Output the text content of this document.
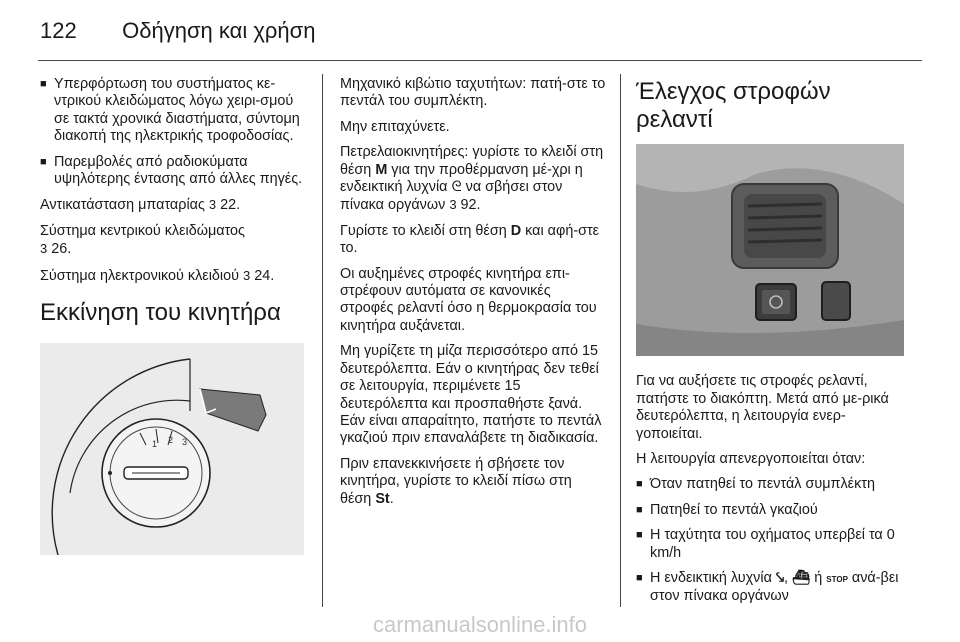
122 Οδήγηση και χρήση
■ Υπερφόρτωση του συστήματος κε-ντρικού κλειδώματος λόγω χειρι-σμού σε τακτά χρονικά διαστήματα, σύντομη διακοπή της ηλεκτρικής τροφοδοσίας.
■ Παρεμβολές από ραδιοκύματα υψηλότερης έντασης από άλλες πηγές.

Αντικατάσταση μπαταρίας 3 22.

Σύστημα κεντρικού κλειδώματος
3 26.

Σύστημα ηλεκτρονικού κλειδιού 3 24.

Εκκίνηση του κινητήρα
1 2 3

Μηχανικό κιβώτιο ταχυτήτων: πατή-στε το πεντάλ του συμπλέκτη.

Μην επιταχύνετε.

Πετρελαιοκινητήρες: γυρίστε το κλειδί στη θέση M για την προθέρμανση μέ-χρι η ενδεικτική λυχνία ᘓ να σβήσει στον πίνακα οργάνων 3 92.

Γυρίστε το κλειδί στη θέση D και αφή-στε το.

Οι αυξημένες στροφές κινητήρα επι-στρέφουν αυτόματα σε κανονικές στροφές ρελαντί όσο η θερμοκρασία του κινητήρα αυξάνεται.

Μη γυρίζετε τη μίζα περισσότερο από 15 δευτερόλεπτα. Εάν ο κινητήρας δεν τεθεί σε λειτουργία, περιμένετε 15 δευτερόλεπτα και προσπαθήστε ξανά. Εάν είναι απαραίτητο, πατήστε το πεντάλ γκαζιού πριν επαναλάβετε τη διαδικασία.

Πριν επανεκκινήσετε ή σβήσετε τον κινητήρα, γυρίστε το κλειδί πίσω στη θέση St.

Έλεγχος στροφών ρελαντί

Για να αυξήσετε τις στροφές ρελαντί, πατήστε το διακόπτη. Μετά από με-ρικά δευτερόλεπτα, η λειτουργία ενερ-γοποιείται.

Η λειτουργία απενεργοποιείται όταν:

■ Όταν πατηθεί το πεντάλ συμπλέκτη
■ Πατηθεί το πεντάλ γκαζιού
■ Η ταχύτητα του οχήματος υπερβεί τα 0 km/h
■ Η ενδεικτική λυχνία ⤥, ⛴ ή STOP ανά-βει στον πίνακα οργάνων
carmanualsonline.info
